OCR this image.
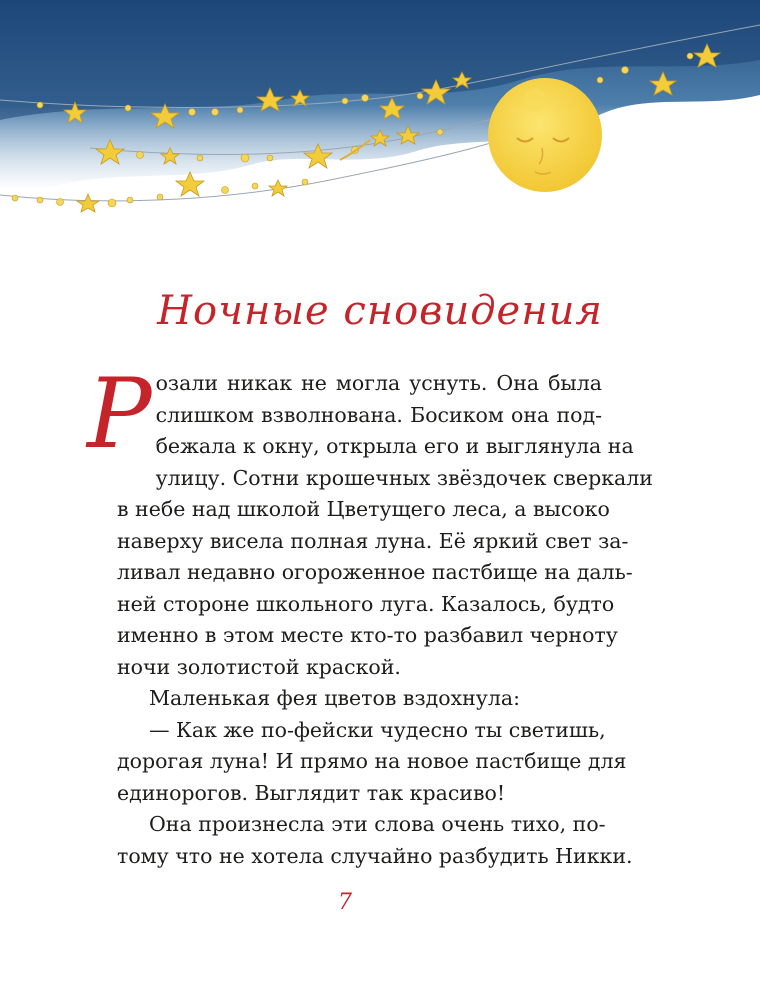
Ночные сновидения

Р озали никак не могла уснуть. Она была
слишком взволнована. Босиком она под-
бежала к окну, открыла его и выглянула на
улицу. Сотни крошечных звёздочек сверкали
в небе над школой Цветущего леса, а высоко
наверху висела полная луна. Её яркий свет за-
ливал недавно огороженное пастбище на даль-
ней стороне школьного луга. Казалось, будто
именно в этом месте кто-то разбавил черноту
ночи золотистой краской.

Маленькая фея цветов вздохнула:

— Как же по-фейски чудесно ты светишь,
дорогая луна! И прямо на новое пастбище для
единорогов. Выглядит так красиво!

Она произнесла эти слова очень тихо, по-
тому что не хотела случайно разбудить Никки.

7
